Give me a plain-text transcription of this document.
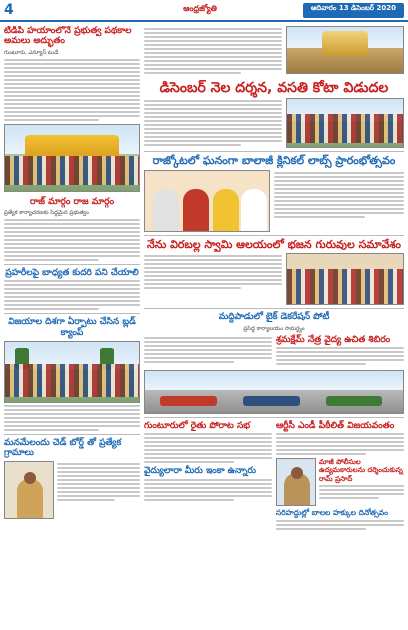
4	ఆంధ్రజ్యోతి	ఆదివారం 13 డిసెంబర్ 2020
టీడీపీ హయాంలోనే ప్రభుత్వ పథకాల అమలు అద్భుతం
గుంటూరు, ఎన్యూస్ టుడే
రాజ్ మార్గం రాజ మార్గం
ప్రత్యేక కార్యాచరణకు సిద్ధమైన ప్రభుత్వం
ప్రహరీలపై బాధ్యత కుదరి పని చేయాలి
విజయాల దిశగా ఏర్పాటు చేసిన బ్లడ్ క్యాంప్
మనమేలందు చెడ్ బోర్డ్ తో ప్రత్యేక గ్రామాలు
డిసెంబర్ నెల దర్శన, వసతి కోటా విడుదల
రాజ్కోటలో ఘనంగా బాలాజీ క్లినికల్ లాబ్స్ ప్రారంభోత్సవం
నేను విరబల్ల స్వామి ఆలయంలో భజన గురువుల సమావేశం
మద్దిపాడులో బైక్ డెకరేషన్ పోటీ
ప్రసిద్ధ కార్యాలయం సామర్థ్యం
శ్రమక్షేమ్ నేత్ర వైద్య ఉచిత శిబిరం
గుంటూరులో రైతు పోరాట సభ
వైద్యులారా మీరు ఇంకా ఉన్నారు
ఆర్టీసీ ఎండీ పీఠీలిత్ విజయవంతం
మాజీ పోలీసుల ఉద్యమకారులను దర్శించుకున్న రామ్ ప్రసాద్
సరిహద్దుల్లో బాలల హక్కుల దినోత్సవం
